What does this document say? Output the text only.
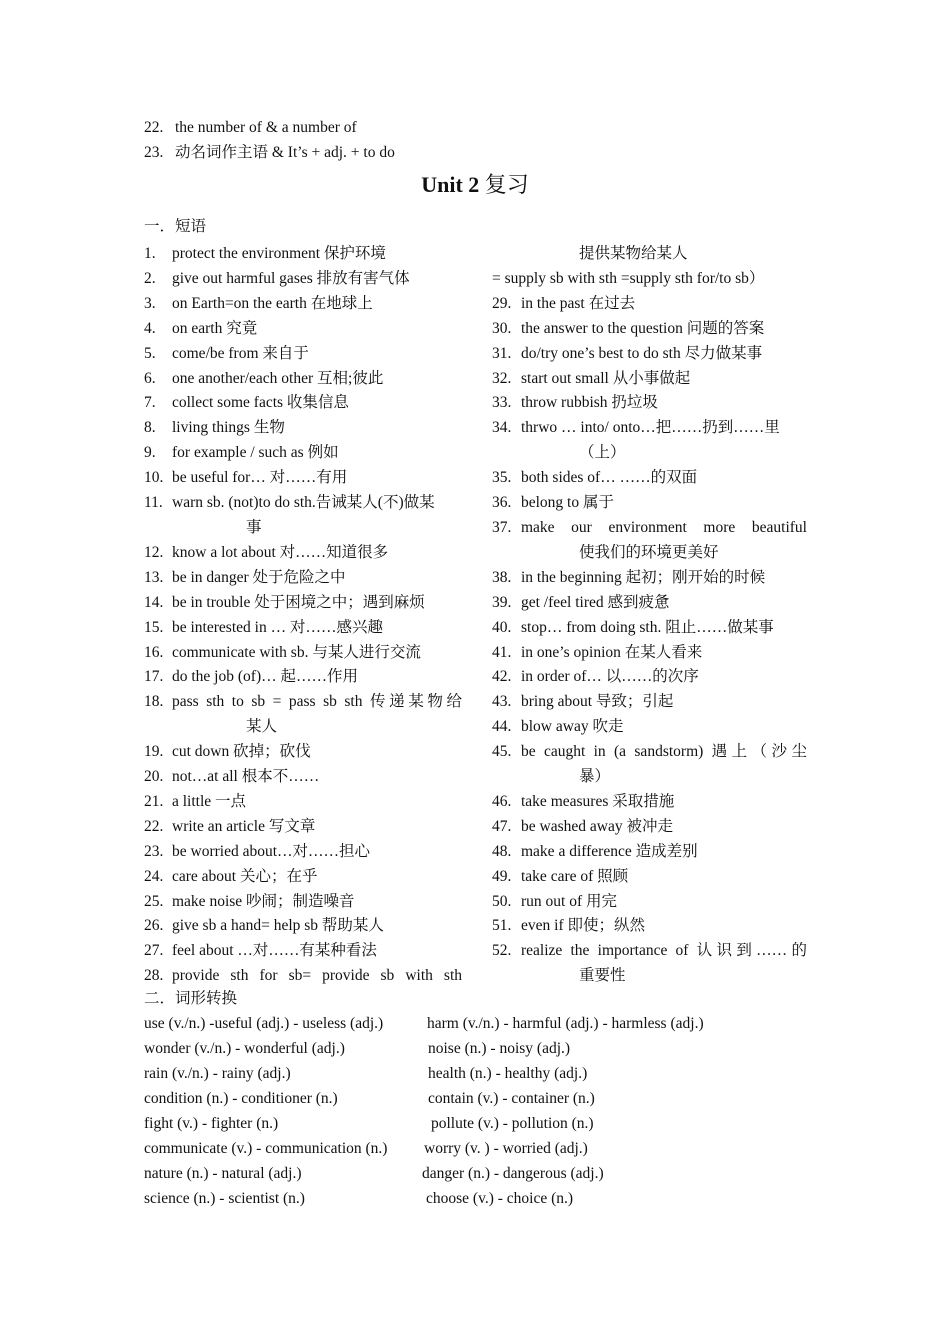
22. the number of & a number of
23. 动名词作主语 & It’s + adj. + to do
Unit 2 复习
一．短语
1. protect the environment 保护环境
2. give out harmful gases 排放有害气体
3. on Earth=on the earth 在地球上
4. on earth 究竟
5. come/be from 来自于
6. one another/each other 互相;彼此
7. collect some facts 收集信息
8. living things 生物
9. for example / such as 例如
10. be useful for… 对……有用
11. warn sb. (not)to do sth.告诫某人(不)做某
事
12. know a lot about 对……知道很多
13. be in danger 处于危险之中
14. be in trouble 处于困境之中；遇到麻烦
15. be interested in … 对……感兴趣
16. communicate with sb. 与某人进行交流
17. do the job (of)… 起……作用
18. pass sth to sb = pass sb sth 传递某物给
某人
19. cut down 砍掉；砍伐
20. not…at all 根本不……
21. a little 一点
22. write an article 写文章
23. be worried about…对……担心
24. care about 关心；在乎
25. make noise 吵闹；制造噪音
26. give sb a hand= help sb 帮助某人
27. feel about …对……有某种看法
28. provide sth for sb= provide sb with sth
提供某物给某人
= supply sb with sth =supply sth for/to sb）
29. in the past 在过去
30. the answer to the question 问题的答案
31. do/try one’s best to do sth 尽力做某事
32. start out small 从小事做起
33. throw rubbish 扔垃圾
34. thrwo … into/ onto…把……扔到……里
（上）
35. both sides of… ……的双面
36. belong to 属于
37. make our environment more beautiful
使我们的环境更美好
38. in the beginning 起初；刚开始的时候
39. get /feel tired 感到疲惫
40. stop… from doing sth. 阻止……做某事
41. in one’s opinion 在某人看来
42. in order of… 以……的次序
43. bring about 导致；引起
44. blow away 吹走
45. be caught in (a sandstorm) 遇上（沙尘
暴）
46. take measures 采取措施
47. be washed away 被冲走
48. make a difference 造成差别
49. take care of 照顾
50. run out of 用完
51. even if 即使；纵然
52. realize the importance of 认识到……的
重要性
二．词形转换
use (v./n.) -useful (adj.) - useless (adj.)	harm (v./n.) - harmful (adj.) - harmless (adj.)
wonder (v./n.) - wonderful (adj.)	noise (n.) - noisy (adj.)
rain (v./n.) - rainy (adj.)	health (n.) - healthy (adj.)
condition (n.) - conditioner (n.)	contain (v.) - container (n.)
fight (v.) - fighter (n.)	pollute (v.) - pollution (n.)
communicate (v.) - communication (n.) worry (v. ) - worried (adj.)
nature (n.) - natural (adj.)	danger (n.) - dangerous (adj.)
science (n.) - scientist (n.)	choose (v.) - choice (n.)
